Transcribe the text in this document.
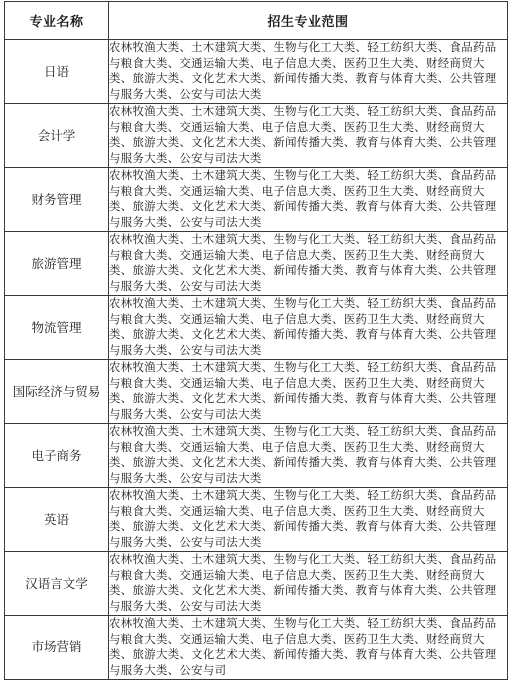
专业名称	招生专业范围
日语	农林牧渔大类、土木建筑大类、生物与化工大类、轻工纺织大类、食品药品与粮食大类、交通运输大类、电子信息大类、医药卫生大类、财经商贸大类、旅游大类、文化艺术大类、新闻传播大类、教育与体育大类、公共管理与服务大类、公安与司法大类
会计学	农林牧渔大类、土木建筑大类、生物与化工大类、轻工纺织大类、食品药品与粮食大类、交通运输大类、电子信息大类、医药卫生大类、财经商贸大类、旅游大类、文化艺术大类、新闻传播大类、教育与体育大类、公共管理与服务大类、公安与司法大类
财务管理	农林牧渔大类、土木建筑大类、生物与化工大类、轻工纺织大类、食品药品与粮食大类、交通运输大类、电子信息大类、医药卫生大类、财经商贸大类、旅游大类、文化艺术大类、新闻传播大类、教育与体育大类、公共管理与服务大类、公安与司法大类
旅游管理	农林牧渔大类、土木建筑大类、生物与化工大类、轻工纺织大类、食品药品与粮食大类、交通运输大类、电子信息大类、医药卫生大类、财经商贸大类、旅游大类、文化艺术大类、新闻传播大类、教育与体育大类、公共管理与服务大类、公安与司法大类
物流管理	农林牧渔大类、土木建筑大类、生物与化工大类、轻工纺织大类、食品药品与粮食大类、交通运输大类、电子信息大类、医药卫生大类、财经商贸大类、旅游大类、文化艺术大类、新闻传播大类、教育与体育大类、公共管理与服务大类、公安与司法大类
国际经济与贸易	农林牧渔大类、土木建筑大类、生物与化工大类、轻工纺织大类、食品药品与粮食大类、交通运输大类、电子信息大类、医药卫生大类、财经商贸大类、旅游大类、文化艺术大类、新闻传播大类、教育与体育大类、公共管理与服务大类、公安与司法大类
电子商务	农林牧渔大类、土木建筑大类、生物与化工大类、轻工纺织大类、食品药品与粮食大类、交通运输大类、电子信息大类、医药卫生大类、财经商贸大类、旅游大类、文化艺术大类、新闻传播大类、教育与体育大类、公共管理与服务大类、公安与司法大类
英语	农林牧渔大类、土木建筑大类、生物与化工大类、轻工纺织大类、食品药品与粮食大类、交通运输大类、电子信息大类、医药卫生大类、财经商贸大类、旅游大类、文化艺术大类、新闻传播大类、教育与体育大类、公共管理与服务大类、公安与司法大类
汉语言文学	农林牧渔大类、土木建筑大类、生物与化工大类、轻工纺织大类、食品药品与粮食大类、交通运输大类、电子信息大类、医药卫生大类、财经商贸大类、旅游大类、文化艺术大类、新闻传播大类、教育与体育大类、公共管理与服务大类、公安与司法大类
市场营销	农林牧渔大类、土木建筑大类、生物与化工大类、轻工纺织大类、食品药品与粮食大类、交通运输大类、电子信息大类、医药卫生大类、财经商贸大类、旅游大类、文化艺术大类、新闻传播大类、教育与体育大类、公共管理与服务大类、公安与司
